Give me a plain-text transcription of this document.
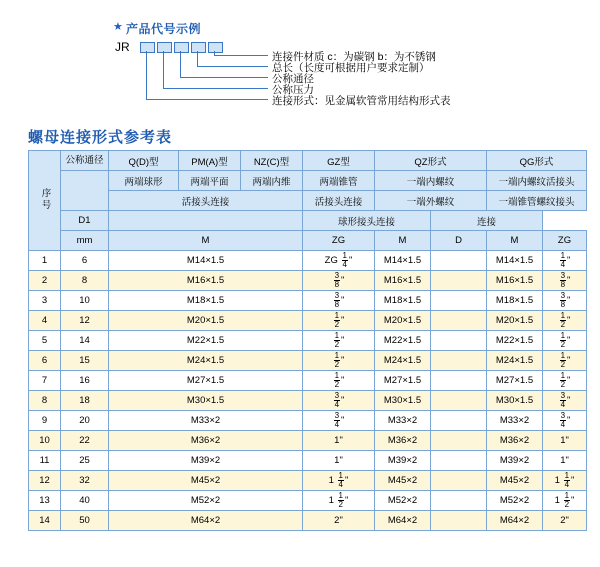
★ 产品代号示例
JR
连接件材质 c：为碳钢 b：为不锈钢
总长（长度可根据用户要求定制）
公称通径
公称压力
连接形式：见金属软管常用结构形式表
螺母连接形式参考表
序号	公称通径	Q(D)型	PM(A)型	NZ(C)型	GZ型	QZ形式		QG形式	
		两端球形	两端平面	两端内维	两端锥管	一端内螺纹		一端内螺纹活接头	
		活接头连接			活接头连接	一端外螺纹		一端锥管螺纹接头	
	D1				球形接头连接		连接		
	mm	M			ZG	M	D	M	ZG
1	6	M14×1.5			ZG $\frac{1}{4}$ "	M14×1.5		M14×1.5	$\frac{1}{4}$ "
2	8	M16×1.5			$\frac{3}{8}$ "	M16×1.5		M16×1.5	$\frac{3}{8}$ "
3	10	M18×1.5			$\frac{3}{8}$ "	M18×1.5		M18×1.5	$\frac{3}{8}$ "
4	12	M20×1.5			$\frac{1}{2}$ "	M20×1.5		M20×1.5	$\frac{1}{2}$ "
5	14	M22×1.5			$\frac{1}{2}$ "	M22×1.5		M22×1.5	$\frac{1}{2}$ "
6	15	M24×1.5			$\frac{1}{2}$ "	M24×1.5		M24×1.5	$\frac{1}{2}$ "
7	16	M27×1.5			$\frac{1}{2}$ "	M27×1.5		M27×1.5	$\frac{1}{2}$ "
8	18	M30×1.5			$\frac{3}{4}$ "	M30×1.5		M30×1.5	$\frac{3}{4}$ "
9	20	M33×2			$\frac{3}{4}$ "	M33×2		M33×2	$\frac{3}{4}$ "
10	22	M36×2			1"	M36×2		M36×2	1"
11	25	M39×2			1"	M39×2		M39×2	1"
12	32	M45×2			$1 \frac{1}{4}$ "	M45×2		M45×2	$1 \frac{1}{4}$ "
13	40	M52×2			$1 \frac{1}{2}$ "	M52×2		M52×2	$1 \frac{1}{2}$ "
14	50	M64×2			2"	M64×2		M64×2	2"
